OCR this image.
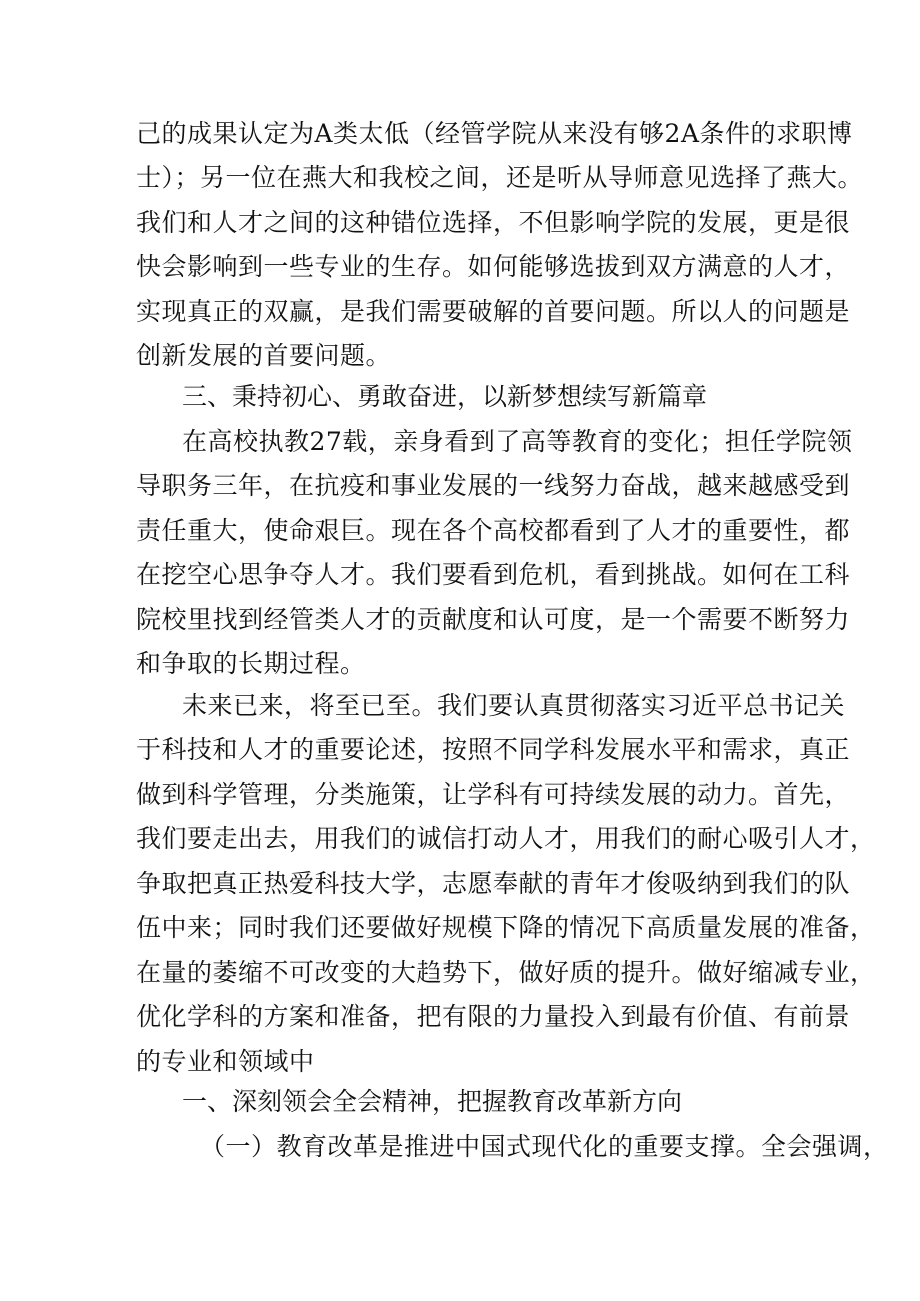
己的成果认定为A类太低（经管学院从来没有够2A条件的求职博
士）；另一位在燕大和我校之间，还是听从导师意见选择了燕大。
我们和人才之间的这种错位选择，不但影响学院的发展，更是很
快会影响到一些专业的生存。如何能够选拔到双方满意的人才，
实现真正的双赢，是我们需要破解的首要问题。所以人的问题是
创新发展的首要问题。
三、秉持初心、勇敢奋进，以新梦想续写新篇章
在高校执教27载，亲身看到了高等教育的变化；担任学院领
导职务三年，在抗疫和事业发展的一线努力奋战，越来越感受到
责任重大，使命艰巨。现在各个高校都看到了人才的重要性，都
在挖空心思争夺人才。我们要看到危机，看到挑战。如何在工科
院校里找到经管类人才的贡献度和认可度，是一个需要不断努力
和争取的长期过程。
未来已来，将至已至。我们要认真贯彻落实习近平总书记关
于科技和人才的重要论述，按照不同学科发展水平和需求，真正
做到科学管理，分类施策，让学科有可持续发展的动力。首先，
我们要走出去，用我们的诚信打动人才，用我们的耐心吸引人才，
争取把真正热爱科技大学，志愿奉献的青年才俊吸纳到我们的队
伍中来；同时我们还要做好规模下降的情况下高质量发展的准备，
在量的萎缩不可改变的大趋势下，做好质的提升。做好缩减专业，
优化学科的方案和准备，把有限的力量投入到最有价值、有前景
的专业和领域中
一、深刻领会全会精神，把握教育改革新方向
（一）教育改革是推进中国式现代化的重要支撑。全会强调，
